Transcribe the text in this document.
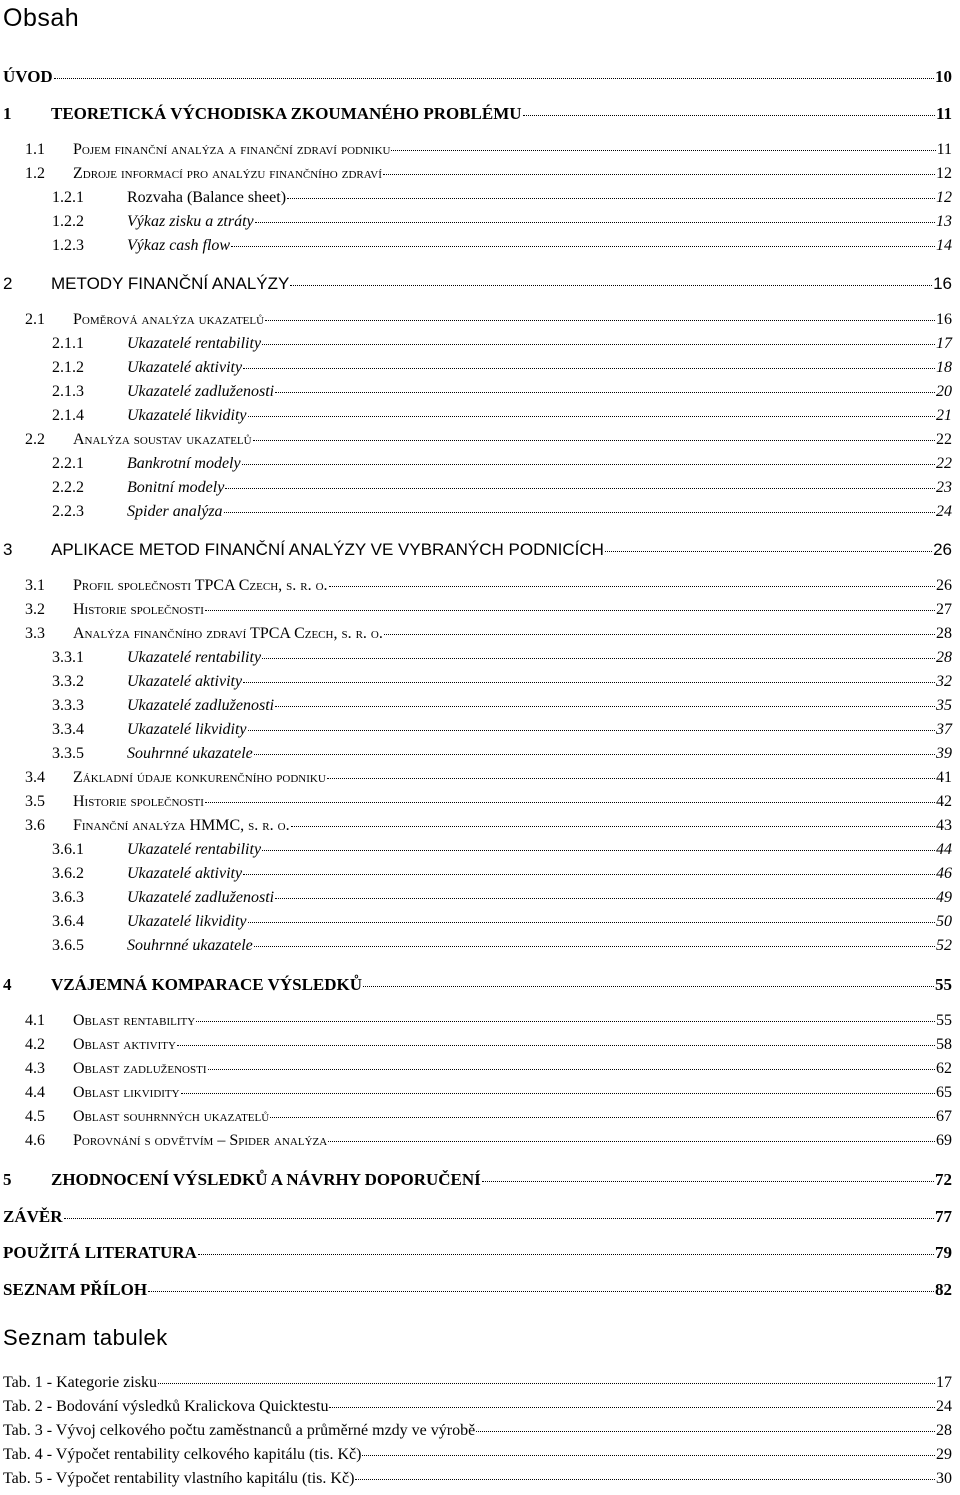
Obsah
ÚVOD	10
1	TEORETICKÁ VÝCHODISKA ZKOUMANÉHO PROBLÉMU	11
1.1	Pojem finanční analýza a finanční zdraví podniku	11
1.2	Zdroje informací pro analýzu finančního zdraví	12
1.2.1	Rozvaha (Balance sheet)	12
1.2.2	Výkaz zisku a ztráty	13
1.2.3	Výkaz cash flow	14
2	METODY FINANČNÍ ANALÝZY	16
2.1	Poměrová analýza ukazatelů	16
2.1.1	Ukazatelé rentability	17
2.1.2	Ukazatelé aktivity	18
2.1.3	Ukazatelé zadluženosti	20
2.1.4	Ukazatelé likvidity	21
2.2	Analýza soustav ukazatelů	22
2.2.1	Bankrotní modely	22
2.2.2	Bonitní modely	23
2.2.3	Spider analýza	24
3	APLIKACE METOD FINANČNÍ ANALÝZY VE VYBRANÝCH PODNICÍCH	26
3.1	Profil společnosti TPCA Czech, s. r. o.	26
3.2	Historie společnosti	27
3.3	Analýza finančního zdraví TPCA Czech, s. r. o.	28
3.3.1	Ukazatelé rentability	28
3.3.2	Ukazatelé aktivity	32
3.3.3	Ukazatelé zadluženosti	35
3.3.4	Ukazatelé likvidity	37
3.3.5	Souhrnné ukazatele	39
3.4	Základní údaje konkurenčního podniku	41
3.5	Historie společnosti	42
3.6	Finanční analýza HMMC, s. r. o.	43
3.6.1	Ukazatelé rentability	44
3.6.2	Ukazatelé aktivity	46
3.6.3	Ukazatelé zadluženosti	49
3.6.4	Ukazatelé likvidity	50
3.6.5	Souhrnné ukazatele	52
4	VZÁJEMNÁ KOMPARACE VÝSLEDKŮ	55
4.1	Oblast rentability	55
4.2	Oblast aktivity	58
4.3	Oblast zadluženosti	62
4.4	Oblast likvidity	65
4.5	Oblast souhrnných ukazatelů	67
4.6	Porovnání s odvětvím – Spider analýza	69
5	ZHODNOCENÍ VÝSLEDKŮ A NÁVRHY DOPORUČENÍ	72
ZÁVĚR	77
POUŽITÁ LITERATURA	79
SEZNAM PŘÍLOH	82
Seznam tabulek
Tab. 1 - Kategorie zisku	17
Tab. 2 - Bodování výsledků Kralickova Quicktestu	24
Tab. 3 - Vývoj celkového počtu zaměstnanců a průměrné mzdy ve výrobě	28
Tab. 4 - Výpočet rentability celkového kapitálu (tis. Kč)	29
Tab. 5 - Výpočet rentability vlastního kapitálu (tis. Kč)	30
